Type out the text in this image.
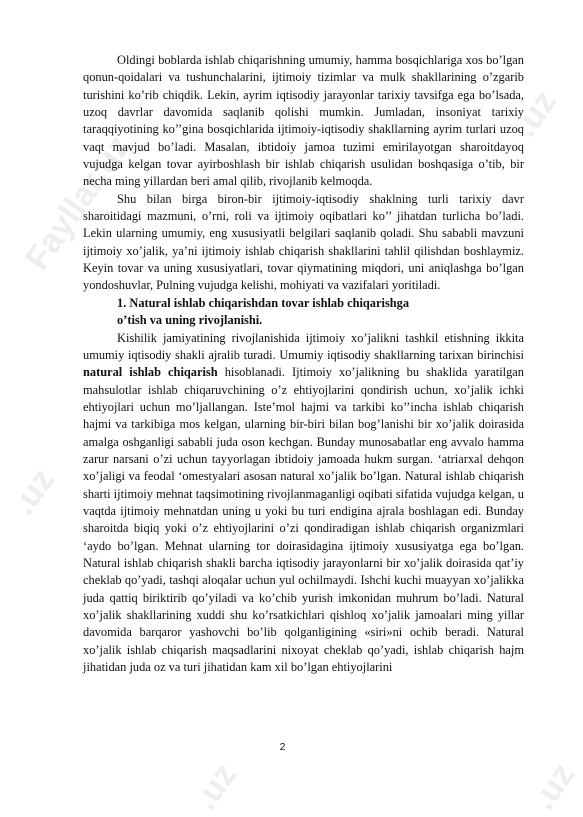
Fayllar.uz
.uz
.uz
.uz	.uz

Oldingi boblarda ishlab chiqarishning umumiy, hamma bosqichlariga xos bo’lgan qonun-qoidalari va tushunchalarini, ijtimoiy tizimlar va mulk shakllarining o’zgarib turishini ko’rib chiqdik. Lekin, ayrim iqtisodiy jarayonlar tarixiy tavsifga ega bo’lsada, uzoq davrlar davomida saqlanib qolishi mumkin. Jumladan, insoniyat tarixiy taraqqiyotining ko’’gina bosqichlarida ijtimoiy-iqtisodiy shakllarning ayrim turlari uzoq vaqt mavjud bo’ladi. Masalan, ibtidoiy jamoa tuzimi emirilayotgan sharoitdayoq vujudga kelgan tovar ayirboshlash bir ishlab chiqarish usulidan boshqasiga o’tib, bir necha ming yillardan beri amal qilib, rivojlanib kelmoqda.

Shu bilan birga biron-bir ijtimoiy-iqtisodiy shaklning turli tarixiy davr sharoitidagi mazmuni, o’rni, roli va ijtimoiy oqibatlari ko’’ jihatdan turlicha bo’ladi. Lekin ularning umumiy, eng xususiyatli belgilari saqlanib qoladi. Shu sababli mavzuni ijtimoiy xo’jalik, ya’ni ijtimoiy ishlab chiqarish shakllarini tahlil qilishdan boshlaymiz. Keyin tovar va uning xususiyatlari, tovar qiymatining miqdori, uni aniqlashga bo’lgan yondoshuvlar, Pulning vujudga kelishi, mohiyati va vazifalari yoritiladi.

1. Natural ishlab chiqarishdan tovar ishlab chiqarishga
o’tish va uning rivojlanishi.

Kishilik jamiyatining rivojlanishida ijtimoiy xo’jalikni tashkil etishning ikkita umumiy iqtisodiy shakli ajralib turadi. Umumiy iqtisodiy shakllarning tarixan birinchisi natural ishlab chiqarish hisoblanadi. Ijtimoiy xo’jalikning bu shaklida yaratilgan mahsulotlar ishlab chiqaruvchining o’z ehtiyojlarini qondirish uchun, xo’jalik ichki ehtiyojlari uchun mo’ljallangan. Iste’mol hajmi va tarkibi ko’’incha ishlab chiqarish hajmi va tarkibiga mos kelgan, ularning bir-biri bilan bog’lanishi bir xo’jalik doirasida amalga oshganligi sababli juda oson kechgan. Bunday munosabatlar eng avvalo hamma zarur narsani o’zi uchun tayyorlagan ibtidoiy jamoada hukm surgan. ‘atriarxal dehqon xo’jaligi va feodal ‘omestyalari asosan natural xo’jalik bo’lgan. Natural ishlab chiqarish sharti ijtimoiy mehnat taqsimotining rivojlanmaganligi oqibati sifatida vujudga kelgan, u vaqtda ijtimoiy mehnatdan uning u yoki bu turi endigina ajrala boshlagan edi. Bunday sharoitda biqiq yoki o’z ehtiyojlarini o’zi qondiradigan ishlab chiqarish organizmlari ‘aydo bo’lgan. Mehnat ularning tor doirasidagina ijtimoiy xususiyatga ega bo’lgan. Natural ishlab chiqarish shakli barcha iqtisodiy jarayonlarni bir xo’jalik doirasida qat’iy cheklab qo’yadi, tashqi aloqalar uchun yul ochilmaydi. Ishchi kuchi muayyan xo’jalikka juda qattiq biriktirib qo’yiladi va ko’chib yurish imkonidan muhrum bo’ladi. Natural xo’jalik shakllarining xuddi shu ko’rsatkichlari qishloq xo’jalik jamoalari ming yillar davomida barqaror yashovchi bo’lib qolganligining «siri»ni ochib beradi. Natural xo’jalik ishlab chiqarish maqsadlarini nixoyat cheklab qo’yadi, ishlab chiqarish hajm jihatidan juda oz va turi jihatidan kam xil bo’lgan ehtiyojlarini

2
